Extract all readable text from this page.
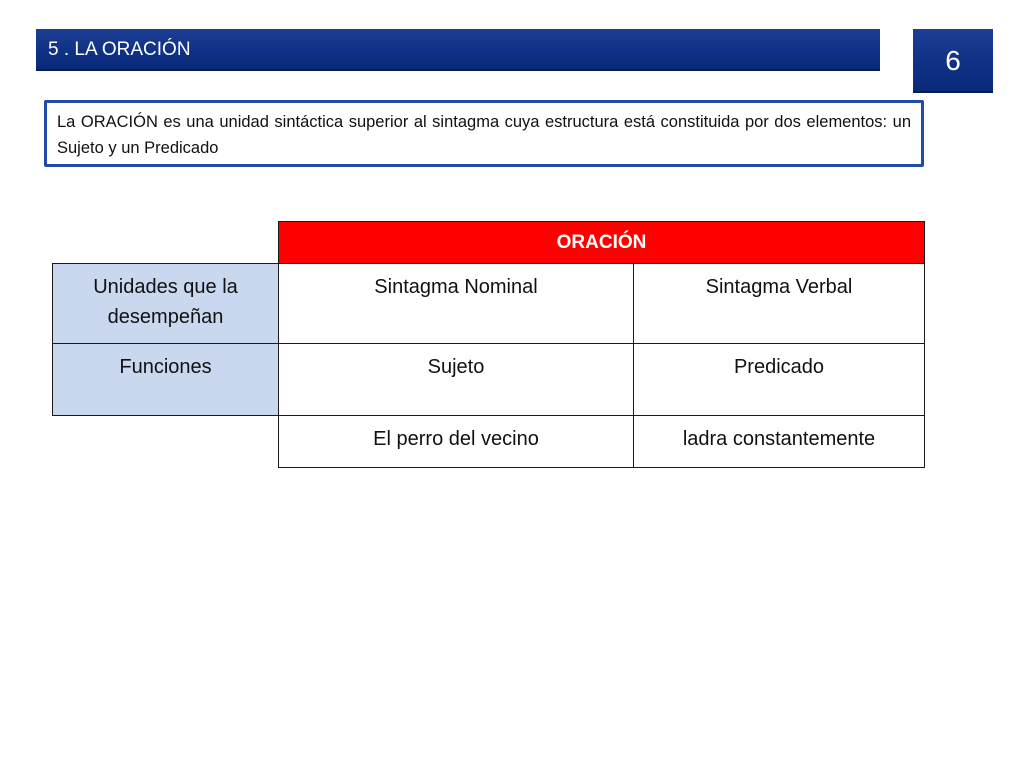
5 . LA ORACIÓN	6
La ORACIÓN es una unidad sintáctica superior al sintagma cuya estructura está constituida por dos elementos: un Sujeto y un Predicado
	ORACIÓN	
Unidades que la desempeñan	Sintagma Nominal	Sintagma Verbal
Funciones	Sujeto	Predicado
	El perro del vecino	ladra constantemente
